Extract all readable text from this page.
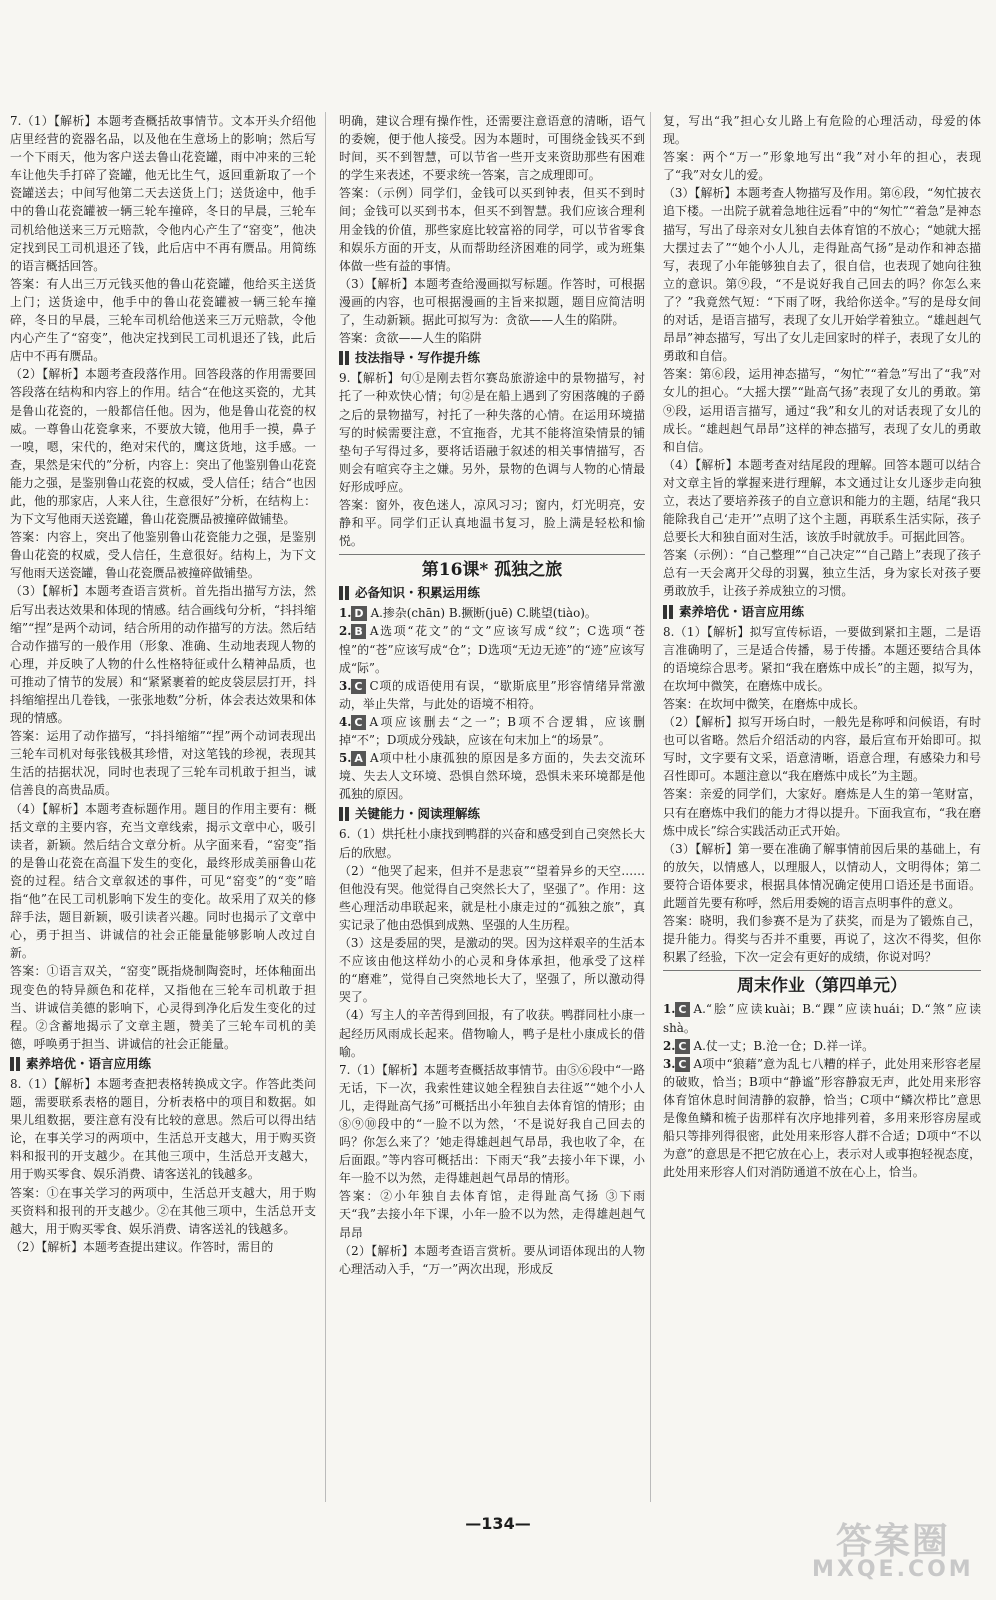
7.（1）【解析】本题考查概括故事情节。文本开头介绍他店里经营的瓷器名品，以及他在生意场上的影响；然后写一个下雨天，他为客户送去鲁山花瓷罐，雨中冲来的三轮车让他失手打碎了瓷罐，他无比生气，返回重新取了一个瓷罐送去；中间写他第二天去送货上门；送货途中，他手中的鲁山花瓷罐被一辆三轮车撞碎，冬日的早晨，三轮车司机给他送来三万元赔款，令他内心产生了“窑变”，他决定找到民工司机退还了钱，此后店中不再有赝品。用简练的语言概括回答。

答案：有人出三万元钱买他的鲁山花瓷罐，他给买主送货上门；送货途中，他手中的鲁山花瓷罐被一辆三轮车撞碎，冬日的早晨，三轮车司机给他送来三万元赔款，令他内心产生了“窑变”，他决定找到民工司机退还了钱，此后店中不再有赝品。

（2）【解析】本题考查段落作用。回答段落的作用需要回答段落在结构和内容上的作用。结合“在他这买瓷的，尤其是鲁山花瓷的，一般都信任他。因为，他是鲁山花瓷的权威。一尊鲁山花瓷拿来，不要放大镜，他用手一摸，鼻子一嗅，嗯，宋代的，绝对宋代的，鹰这货地，这手感。一查，果然是宋代的”分析，内容上：突出了他鉴别鲁山花瓷能力之强，是鉴别鲁山花瓷的权威，受人信任；结合“也因此，他的那家店，人来人往，生意很好”分析，在结构上：为下文写他雨天送瓷罐，鲁山花瓷赝品被撞碎做铺垫。

答案：内容上，突出了他鉴别鲁山花瓷能力之强，是鉴别鲁山花瓷的权威，受人信任，生意很好。结构上，为下文写他雨天送瓷罐，鲁山花瓷赝品被撞碎做铺垫。

（3）【解析】本题考查语言赏析。首先指出描写方法，然后写出表达效果和体现的情感。结合画线句分析，“抖抖缩缩”“捏”是两个动词，结合所用的动作描写的方法。然后结合动作描写的一般作用（形象、准确、生动地表现人物的心理，并反映了人物的什么性格特征或什么精神品质，也可推动了情节的发展）和“紧紧裹着的蛇皮袋层层打开，抖抖缩缩捏出几卷钱，一张张地数”分析，体会表达效果和体现的情感。

答案：运用了动作描写，“抖抖缩缩”“捏”两个动词表现出三轮车司机对每张钱极其珍惜，对这笔钱的珍视，表现其生活的拮据状况，同时也表现了三轮车司机敢于担当，诚信善良的高贵品质。

（4）【解析】本题考查标题作用。题目的作用主要有：概括文章的主要内容，充当文章线索，揭示文章中心，吸引读者，新颖。然后结合文章分析。从字面来看，“窑变”指的是鲁山花瓷在高温下发生的变化，最终形成美丽鲁山花瓷的过程。结合文章叙述的事件，可见“窑变”的“变”暗指“他”在民工司机影响下发生的变化。故采用了双关的修辞手法，题目新颖，吸引读者兴趣。同时也揭示了文章中心，勇于担当、讲诚信的社会正能量能够影响人改过自新。

答案：①语言双关，“窑变”既指烧制陶瓷时，坯体釉面出现变色的特异颜色和花样，又指他在三轮车司机敢于担当、讲诚信美德的影响下，心灵得到净化后发生变化的过程。②含蓄地揭示了文章主题，赞美了三轮车司机的美德，呼唤勇于担当、讲诚信的社会正能量。

素养培优・语言应用练

8.（1）【解析】本题考查把表格转换成文字。作答此类问题，需要联系表格的题目，分析表格中的项目和数据。如果儿组数据，要注意有没有比较的意思。然后可以得出结论，在事关学习的两项中，生活总开支越大，用于购买资料和报刊的开支越少。在其他三项中，生活总开支越大，用于购买零食、娱乐消费、请客送礼的钱越多。

答案：①在事关学习的两项中，生活总开支越大，用于购买资料和报刊的开支越少。②在其他三项中，生活总开支越大，用于购买零食、娱乐消费、请客送礼的钱越多。

（2）【解析】本题考查提出建议。作答时，需目的

明确，建议合理有操作性，还需要注意语意的清晰，语气的委婉，便于他人接受。因为本题时，可围绕金钱买不到时间，买不到智慧，可以节省一些开支来资助那些有困难的学生来表述，不要求统一答案，言之成理即可。

答案：（示例）同学们，金钱可以买到钟表，但买不到时间；金钱可以买到书本，但买不到智慧。我们应该合理利用金钱的价值，那些家庭比较富裕的同学，可以节省零食和娱乐方面的开支，从而帮助经济困难的同学，或为班集体做一些有益的事情。

（3）【解析】本题考查给漫画拟写标题。作答时，可根据漫画的内容，也可根据漫画的主旨来拟题，题目应简洁明了，生动新颖。据此可拟写为：贪欲——人生的陷阱。

答案：贪欲——人生的陷阱

技法指导・写作提升练

9.【解析】句①是刚去哲尔赛岛旅游途中的景物描写，衬托了一种欢快心情；句②是在船上遇到了穷困落魄的子爵之后的景物描写，衬托了一种失落的心情。在运用环境描写的时候需要注意，不宜拖沓，尤其不能将渲染情景的铺垫句子写得过多，要将话语融于叙述的相关事情描写，否则会有喧宾夺主之嫌。另外，景物的色调与人物的心情最好形成呼应。

答案：窗外，夜色迷人，凉风习习；窗内，灯光明亮，安静和平。同学们正认真地温书复习，脸上满是轻松和愉悦。

第16课* 孤独之旅
必备知识・积累运用练

1. D A.掺杂(chān) B.撅断(juē) C.眺望(tiào)。

2. B A选项“花文”的“文”应该写成“纹”；C选项“苍惶”的“苍”应该写成“仓”；D选项“无边无迹”的“迹”应该写成“际”。

3. C C项的成语使用有误，“歇斯底里”形容情绪异常激动，举止失常，与此处的语境不相符。

4. C A项应该删去“之一”；B项不合逻辑，应该删掉“不”；D项成分残缺，应该在句末加上“的场景”。

5. A A项中杜小康孤独的原因是多方面的，失去交流环境、失去人文环境、恐惧自然环境，恐惧未来环境都是他孤独的原因。

关键能力・阅读理解练

6.（1）烘托杜小康找到鸭群的兴奋和感受到自己突然长大后的欣慰。

（2）“他哭了起来，但并不是悲哀”“望着异乡的天空……但他没有哭。他觉得自己突然长大了，坚强了”。作用：这些心理活动串联起来，就是杜小康走过的“孤独之旅”，真实记录了他由恐惧到成熟、坚强的人生历程。

（3）这是委屈的哭，是激动的哭。因为这样艰辛的生活本不应该由他这样幼小的心灵和身体承担，他承受了这样的“磨难”，觉得自己突然地长大了，坚强了，所以激动得哭了。

（4）写主人的辛苦得到回报，有了收获。鸭群同杜小康一起经历风雨成长起来。借物喻人，鸭子是杜小康成长的借喻。

7.（1）【解析】本题考查概括故事情节。由⑤⑥段中“一路无话，下一次，我索性建议她全程独自去往返”“她个小人儿，走得趾高气扬”可概括出小年独自去体育馆的情形；由⑧⑨⑩段中的“一脸不以为然，‘不是说好我自己回去的吗？你怎么来了？’她走得雄赳赳气昂昂，我也收了伞，在后面跟。”等内容可概括出：下雨天“我”去接小年下课，小年一脸不以为然，走得雄赳赳气昂昂的情形。

答案：②小年独自去体育馆，走得趾高气扬 ③下雨天“我”去接小年下课，小年一脸不以为然，走得雄赳赳气昂昂

（2）【解析】本题考查语言赏析。要从词语体现出的人物心理活动入手，“万一”两次出现，形成反

复，写出“我”担心女儿路上有危险的心理活动，母爱的体现。

答案：两个“万一”形象地写出“我”对小年的担心，表现了“我”对女儿的爱。

（3）【解析】本题考查人物描写及作用。第⑥段，“匆忙披衣追下楼。一出院子就着急地往远看”中的“匆忙”“着急”是神态描写，写出了母亲对女儿独自去体育馆的不放心；“她就大摇大摆过去了”“她个小人儿，走得趾高气扬”是动作和神态描写，表现了小年能够独自去了，很自信，也表现了她向往独立的意识。第⑨段，“不是说好我自己回去的吗？你怎么来了？”我竟然气短：“下雨了呀，我给你送伞。”写的是母女间的对话，是语言描写，表现了女儿开始学着独立。“雄赳赳气昂昂”神态描写，写出了女儿走回家时的样子，表现了女儿的勇敢和自信。

答案：第⑥段，运用神态描写，“匆忙”“着急”写出了“我”对女儿的担心。“大摇大摆”“趾高气扬”表现了女儿的勇敢。第⑨段，运用语言描写，通过“我”和女儿的对话表现了女儿的成长。“雄赳赳气昂昂”这样的神态描写，表现了女儿的勇敢和自信。

（4）【解析】本题考查对结尾段的理解。回答本题可以结合对文章主旨的掌握来进行理解，本文通过让女儿逐步走向独立，表达了要培养孩子的自立意识和能力的主题，结尾“我只能除我自己‘走开’”点明了这个主题，再联系生活实际，孩子总要长大和独自面对生活，该放手时就放手。可据此回答。

答案（示例）：“自己整理”“自己决定”“自己踏上”表现了孩子总有一天会离开父母的羽翼，独立生活，身为家长对孩子要勇敢放手，让孩子养成独立的习惯。

素养培优・语言应用练

8.（1）【解析】拟写宣传标语，一要做到紧扣主题，二是语言准确明了，三是适合传播，易于传播。本题还要结合具体的语境综合思考。紧扣“我在磨炼中成长”的主题，拟写为，在坎坷中微笑，在磨炼中成长。

答案：在坎坷中微笑，在磨炼中成长。

（2）【解析】拟写开场白时，一般先是称呼和问候语，有时也可以省略。然后介绍活动的内容，最后宣布开始即可。拟写时，文字要有文采，语意清晰，语意合理，有感染力和号召性即可。本题注意以“我在磨炼中成长”为主题。

答案：亲爱的同学们，大家好。磨炼是人生的第一笔财富，只有在磨炼中我们的能力才得以提升。下面我宣布，“我在磨炼中成长”综合实践活动正式开始。

（3）【解析】第一要在准确了解事情前因后果的基础上，有的放矢，以情感人，以理服人，以情动人，文明得体；第二要符合语体要求，根据具体情况确定使用口语还是书面语。此题首先要有称呼，然后用委婉的语言点明事件的意义。

答案：晓明，我们参赛不是为了获奖，而是为了锻炼自己，提升能力。得奖与否并不重要，再说了，这次不得奖，但你积累了经验，下次一定会有更好的成绩，你说对吗？

周末作业（第四单元）

1. C A.“脍”应读kuài；B.“踝”应读huái；D.“煞”应读shà。

2. C A.仗一丈；B.沧一仓；D.祥一详。

3. C A项中“狼藉”意为乱七八糟的样子，此处用来形容老屋的破败，恰当；B项中“静谧”形容静寂无声，此处用来形容体育馆休息时间清静的寂静，恰当；C项中“鳞次栉比”意思是像鱼鳞和梳子齿那样有次序地排列着，多用来形容房屋或船只等排列得很密，此处用来形容人群不合适；D项中“不以为意”的意思是不把它放在心上，表示对人或事抱轻视态度，此处用来形容人们对消防通道不放在心上，恰当。

—134—	答案圈
MXQE.COM
